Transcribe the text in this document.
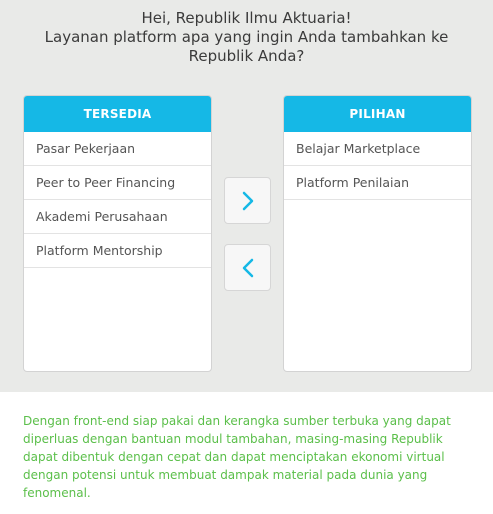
Hei, Republik Ilmu Aktuaria!
Layanan platform apa yang ingin Anda tambahkan ke
Republik Anda?
TERSEDIA
Pasar Pekerjaan
Peer to Peer Financing
Akademi Perusahaan
Platform Mentorship
PILIHAN
Belajar Marketplace
Platform Penilaian
Dengan front-end siap pakai dan kerangka sumber terbuka yang dapat
diperluas dengan bantuan modul tambahan, masing-masing Republik
dapat dibentuk dengan cepat dan dapat menciptakan ekonomi virtual
dengan potensi untuk membuat dampak material pada dunia yang
fenomenal.
